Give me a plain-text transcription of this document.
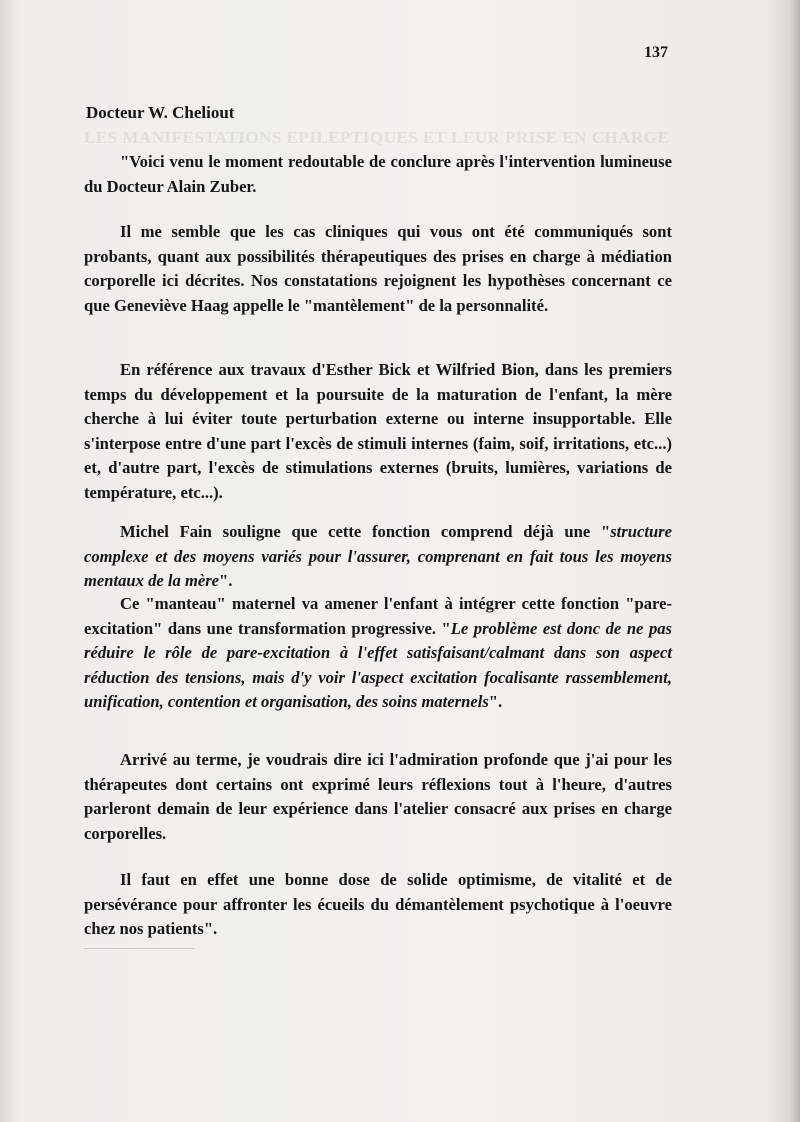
LES MANIFESTATIONS EPILEPTIQUES ET LEUR PRISE EN CHARGE
137
Docteur W. Cheliout

"Voici venu le moment redoutable de conclure après l'intervention lumineuse du Docteur Alain Zuber.

Il me semble que les cas cliniques qui vous ont été communiqués sont probants, quant aux possibilités thérapeutiques des prises en charge à médiation corporelle ici décrites. Nos constatations rejoignent les hypothèses concernant ce que Geneviève Haag appelle le "mantèlement" de la personnalité.

En référence aux travaux d'Esther Bick et Wilfried Bion, dans les premiers temps du développement et la poursuite de la maturation de l'enfant, la mère cherche à lui éviter toute perturbation externe ou interne insupportable. Elle s'interpose entre d'une part l'excès de stimuli internes (faim, soif, irritations, etc...) et, d'autre part, l'excès de stimulations externes (bruits, lumières, variations de température, etc...).

Michel Fain souligne que cette fonction comprend déjà une "structure complexe et des moyens variés pour l'assurer, comprenant en fait tous les moyens mentaux de la mère".

Ce "manteau" maternel va amener l'enfant à intégrer cette fonction "pare-excitation" dans une transformation progressive. "Le problème est donc de ne pas réduire le rôle de pare-excitation à l'effet satisfaisant/calmant dans son aspect réduction des tensions, mais d'y voir l'aspect excitation focalisante rassemblement, unification, contention et organisation, des soins maternels".

Arrivé au terme, je voudrais dire ici l'admiration profonde que j'ai pour les thérapeutes dont certains ont exprimé leurs réflexions tout à l'heure, d'autres parleront demain de leur expérience dans l'atelier consacré aux prises en charge corporelles.

Il faut en effet une bonne dose de solide optimisme, de vitalité et de persévérance pour affronter les écueils du démantèlement psychotique à l'oeuvre chez nos patients".
